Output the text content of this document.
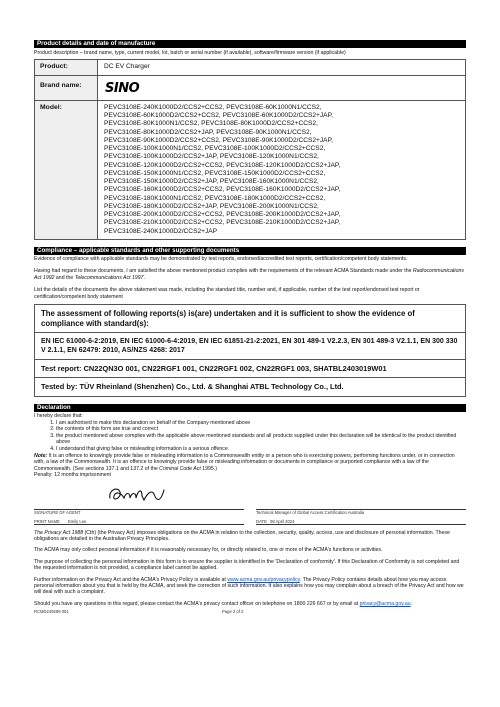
Product details and date of manufacture

Product description – brand name, type, current model, lot, batch or serial number (if available), software/firmware version (if applicable)

Product:	DC EV Charger
Brand name:	SINO
Model:	PEVC3108E-240K1000D2/CCS2+CCS2, PEVC3108E-60K1000N1/CCS2,
PEVC3108E-60K1000D2/CCS2+CCS2, PEVC3108E-60K1000D2/CCS2+JAP,
PEVC3108E-80K1000N1/CCS2, PEVC3108E-80K1000D2/CCS2+CCS2,
PEVC3108E-80K1000D2/CCS2+JAP, PEVC3108E-90K1000N1/CCS2,
PEVC3108E-90K1000D2/CCS2+CCS2, PEVC3108E-90K1000D2/CCS2+JAP,
PEVC3108E-100K1000N1/CCS2, PEVC3108E-100K1000D2/CCS2+CCS2,
PEVC3108E-100K1000D2/CCS2+JAP, PEVC3108E-120K1000N1/CCS2,
PEVC3108E-120K1000D2/CCS2+CCS2, PEVC3108E-120K1000D2/CCS2+JAP,
PEVC3108E-150K1000N1/CCS2, PEVC3108E-150K1000D2/CCS2+CCS2,
PEVC3108E-150K1000D2/CCS2+JAP, PEVC3108E-160K1000N1/CCS2,
PEVC3108E-160K1000D2/CCS2+CCS2, PEVC3108E-160K1000D2/CCS2+JAP,
PEVC3108E-180K1000N1/CCS2, PEVC3108E-180K1000D2/CCS2+CCS2,
PEVC3108E-180K1000D2/CCS2+JAP, PEVC3108E-200K1000N1/CCS2,
PEVC3108E-200K1000D2/CCS2+CCS2, PEVC3108E-200K1000D2/CCS2+JAP,
PEVC3108E-210K1000D2/CCS2+CCS2, PEVC3108E-210K1000D2/CCS2+JAP,
PEVC3108E-240K1000D2/CCS2+JAP
Compliance – applicable standards and other supporting documents

Evidence of compliance with applicable standards may be demonstrated by test reports, endorsed/accredited test reports, certification/competent body statements.

Having had regard to these documents, I am satisfied the above mentioned product complies with the requirements of the relevant ACMA Standards made under the Radiocommunications Act 1992 and the Telecommunications Act 1997.

List the details of the documents the above statement was made, including the standard title, number and, if applicable, number of the test report/endorsed test report or certification/competent body statement

The assessment of following reports(s) is(are) undertaken and it is sufficient to show the evidence of compliance with standard(s):
EN IEC 61000-6-2:2019, EN IEC 61000-6-4:2019, EN IEC 61851-21-2:2021, EN 301 489-1 V2.2.3, EN 301 489-3 V2.1.1, EN 300 330 V 2.1.1, EN 62479: 2010, AS/NZS 4268: 2017
Test report: CN22QN3O 001, CN22RGF1 001, CN22RGF1 002, CN22RGF1 003, SHATBL2403019W01
Tested by: TÜV Rheinland (Shenzhen) Co., Ltd. & Shanghai ATBL Technology Co., Ltd.
Declaration

I hereby declare that:

1. I am authorised to make this declaration on behalf of the Company mentioned above
2. the contents of this form are true and correct
3. the product mentioned above complies with the applicable above mentioned standards and all products supplied under this declaration will be identical to the product identified above
4. I understand that giving false or misleading information is a serious offence.

Note: It is an offence to knowingly provide false or misleading information to a Commonwealth entity or a person who is exercising powers, performing functions under, or in connection with, a law of the Commonwealth. It is an offence to knowingly provide false or misleading information or documents in compliance or purported compliance with a law of the Commonwealth. (See sections 137.1 and 137.2 of the Criminal Code Act 1995.)

Penalty: 12 months imprisonment

SIGNATURE OF AGENT
PRINT NAME	Emily Lee
Technical Manager of Global Access Certification Australia
DATE 08 April 2024

The Privacy Act 1988 (Cth) (the Privacy Act) imposes obligations on the ACMA in relation to the collection, security, quality, access, use and disclosure of personal information. These obligations are detailed in the Australian Privacy Principles.

The ACMA may only collect personal information if it is reasonably necessary for, or directly related to, one or more of the ACMA's functions or activities.

The purpose of collecting the personal information in this form is to ensure the supplier is identified in the 'Declaration of conformity'. If this Declaration of Conformity is not completed and the requested information is not provided, a compliance label cannot be applied.

Further information on the Privacy Act and the ACMA's Privacy Policy is available at www.acma.gov.au/privacypolicy. The Privacy Policy contains details about how you may access personal information about you that is held by the ACMA, and seek the correction of such information. It also explains how you may complain about a breach of the Privacy Act and how we will deal with such a complaint.

Should you have any questions in this regard, please contact the ACMA's privacy contact officer on telephone on 1800 226 667 or by email at privacy@acma.gov.au.

RCMD249289 001	Page 2 of 2
